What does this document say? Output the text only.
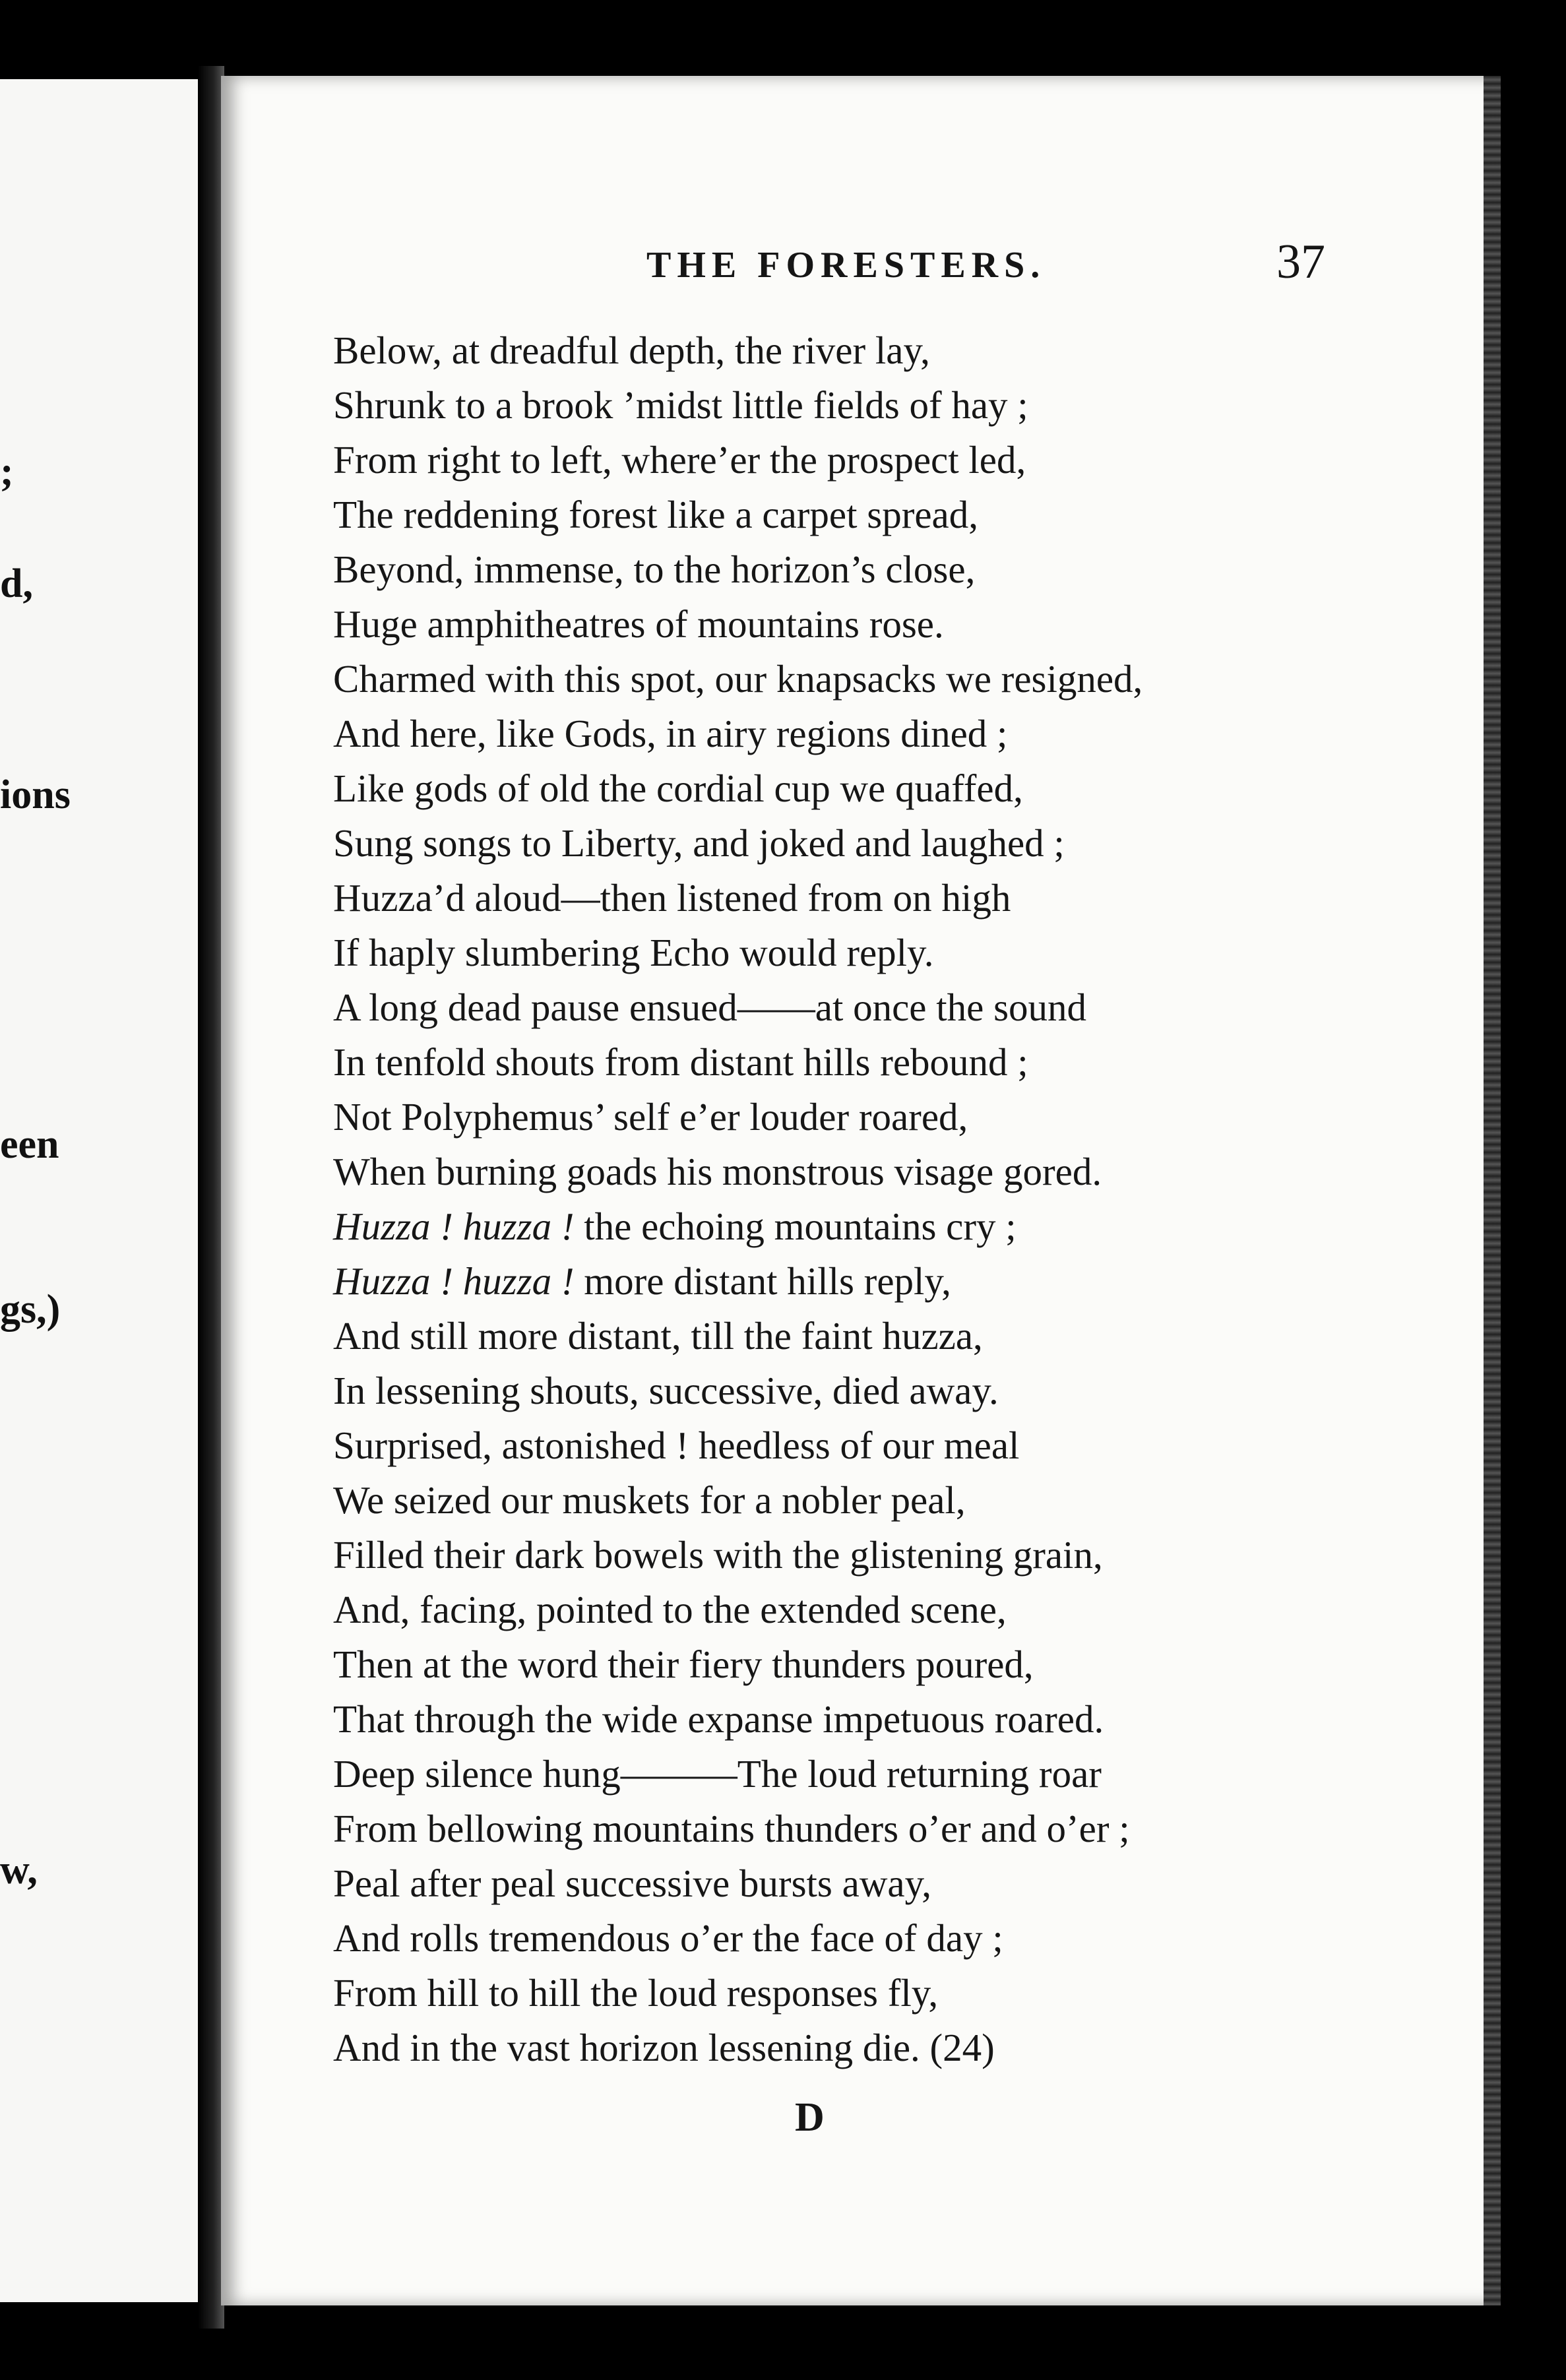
;
d,
ions
een
gs,)
w,
THE FORESTERS.	37
Below, at dreadful depth, the river lay,
Shrunk to a brook ’midst little fields of hay ;
From right to left, where’er the prospect led,
The reddening forest like a carpet spread,
Beyond, immense, to the horizon’s close,
Huge amphitheatres of mountains rose.
Charmed with this spot, our knapsacks we resigned,
And here, like Gods, in airy regions dined ;
Like gods of old the cordial cup we quaffed,
Sung songs to Liberty, and joked and laughed ;
Huzza’d aloud—then listened from on high
If haply slumbering Echo would reply.
A long dead pause ensued——at once the sound
In tenfold shouts from distant hills rebound ;
Not Polyphemus’ self e’er louder roared,
When burning goads his monstrous visage gored.
Huzza ! huzza ! the echoing mountains cry ;
Huzza ! huzza ! more distant hills reply,
And still more distant, till the faint huzza,
In lessening shouts, successive, died away.
Surprised, astonished ! heedless of our meal
We seized our muskets for a nobler peal,
Filled their dark bowels with the glistening grain,
And, facing, pointed to the extended scene,
Then at the word their fiery thunders poured,
That through the wide expanse impetuous roared.
Deep silence hung———The loud returning roar
From bellowing mountains thunders o’er and o’er ;
Peal after peal successive bursts away,
And rolls tremendous o’er the face of day ;
From hill to hill the loud responses fly,
And in the vast horizon lessening die. (24)
D
